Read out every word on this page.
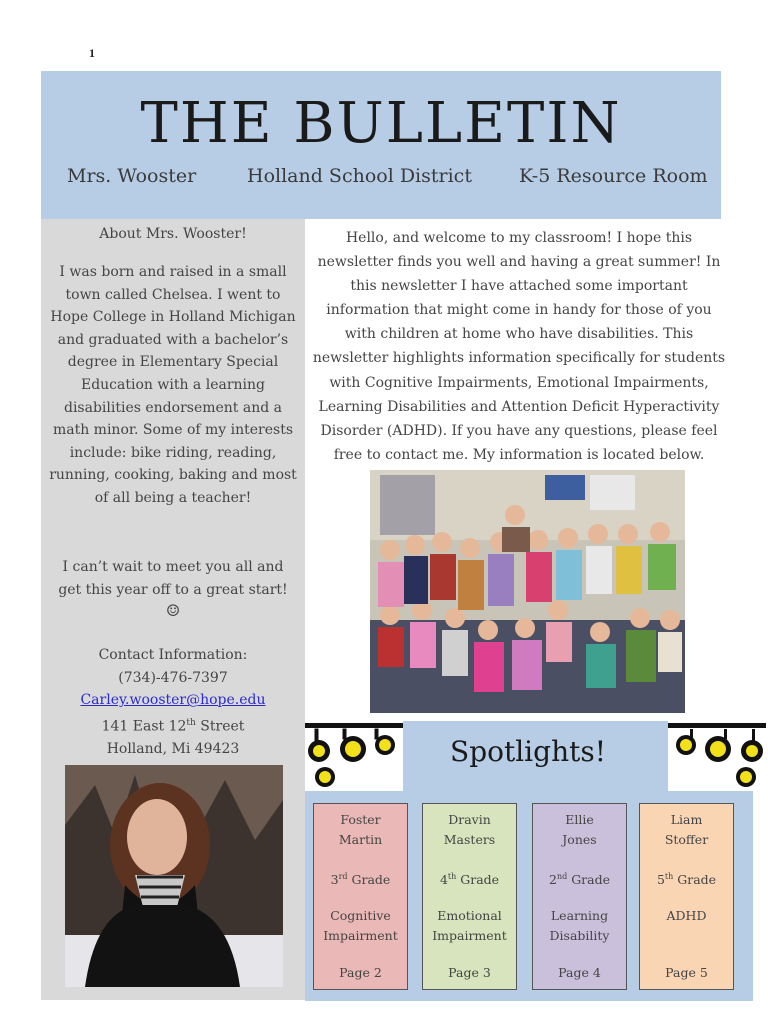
1
THE BULLETIN
Mrs. Wooster	Holland School District K-5 Resource Room
About Mrs. Wooster!
I was born and raised in a small town called Chelsea. I went to Hope College in Holland Michigan and graduated with a bachelor’s degree in Elementary Special Education with a learning disabilities endorsement and a math minor. Some of my interests include: bike riding, reading, running, cooking, baking and most of all being a teacher!
I can’t wait to meet you all and get this year off to a great start!
☺
Contact Information:
(734)-476-7397
Carley.wooster@hope.edu
141 East 12th Street
Holland, Mi 49423
Hello, and welcome to my classroom! I hope this newsletter finds you well and having a great summer! In this newsletter I have attached some important information that might come in handy for those of you with children at home who have disabilities. This newsletter highlights information specifically for students with Cognitive Impairments, Emotional Impairments, Learning Disabilities and Attention Deficit Hyperactivity Disorder (ADHD). If you have any questions, please feel free to contact me. My information is located below.
Spotlights!
Foster
Martin
3rd Grade
Cognitive
Impairment
Page 2
Dravin
Masters
4th Grade
Emotional
Impairment
Page 3
Ellie
Jones
2nd Grade
Learning
Disability
Page 4
Liam
Stoffer
5th Grade
ADHD
Page 5
